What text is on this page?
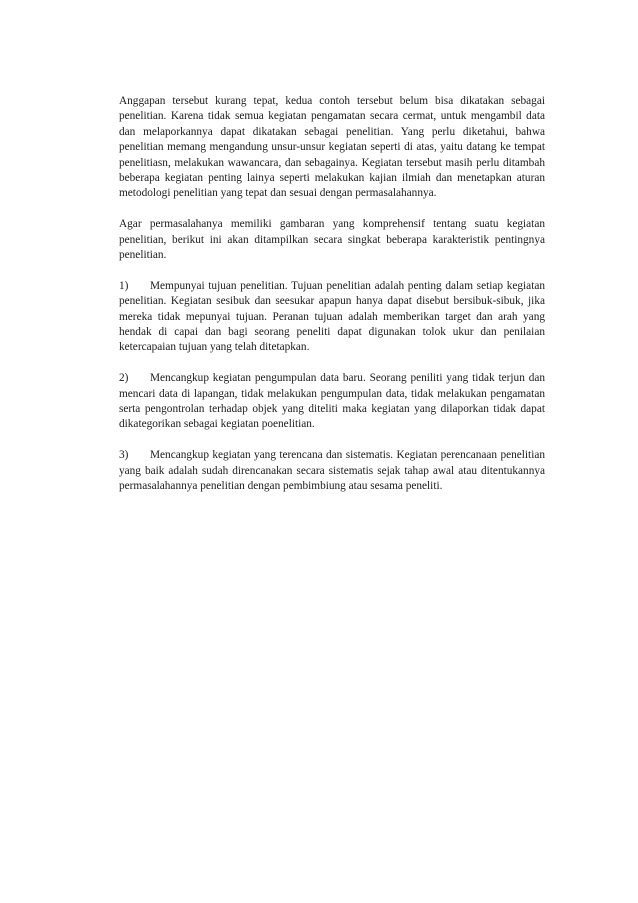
Anggapan tersebut kurang tepat, kedua contoh tersebut belum bisa dikatakan sebagai penelitian. Karena tidak semua kegiatan pengamatan secara cermat, untuk mengambil data dan melaporkannya dapat dikatakan sebagai penelitian. Yang perlu diketahui, bahwa penelitian memang mengandung unsur-unsur kegiatan seperti di atas, yaitu datang ke tempat penelitiasn, melakukan wawancara, dan sebagainya. Kegiatan tersebut masih perlu ditambah beberapa kegiatan penting lainya seperti melakukan kajian ilmiah dan menetapkan aturan metodologi penelitian yang tepat dan sesuai dengan permasalahannya.

Agar permasalahanya memiliki gambaran yang komprehensif tentang suatu kegiatan penelitian, berikut ini akan ditampilkan secara singkat beberapa karakteristik pentingnya penelitian.

1) Mempunyai tujuan penelitian. Tujuan penelitian adalah penting dalam setiap kegiatan penelitian. Kegiatan sesibuk dan seesukar apapun hanya dapat disebut bersibuk-sibuk, jika mereka tidak mepunyai tujuan. Peranan tujuan adalah memberikan target dan arah yang hendak di capai dan bagi seorang peneliti dapat digunakan tolok ukur dan penilaian ketercapaian tujuan yang telah ditetapkan.

2) Mencangkup kegiatan pengumpulan data baru. Seorang peniliti yang tidak terjun dan mencari data di lapangan, tidak melakukan pengumpulan data, tidak melakukan pengamatan serta pengontrolan terhadap objek yang diteliti maka kegiatan yang dilaporkan tidak dapat dikategorikan sebagai kegiatan poenelitian.

3) Mencangkup kegiatan yang terencana dan sistematis. Kegiatan perencanaan penelitian yang baik adalah sudah direncanakan secara sistematis sejak tahap awal atau ditentukannya permasalahannya penelitian dengan pembimbiung atau sesama peneliti.
